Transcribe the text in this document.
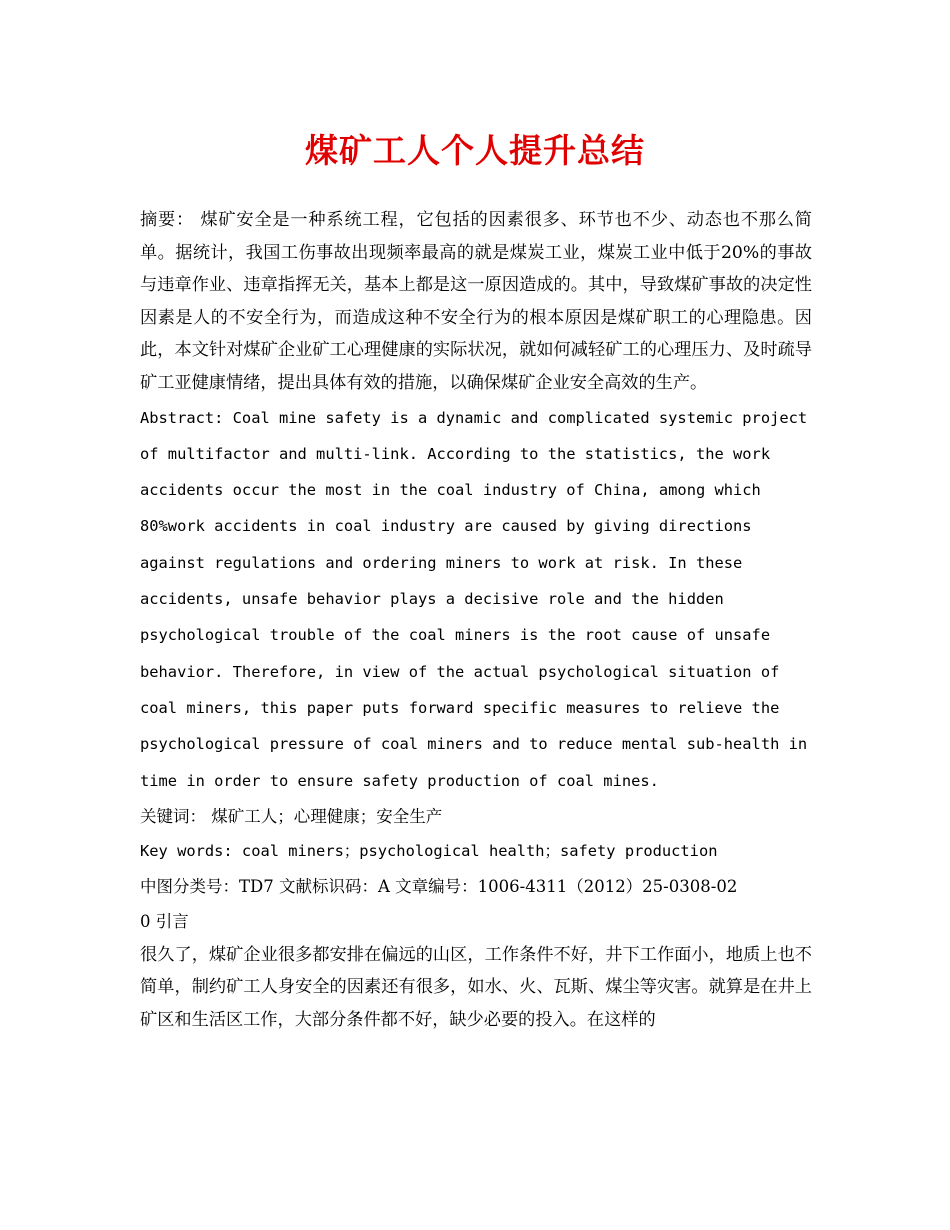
煤矿工人个人提升总结

摘要： 煤矿安全是一种系统工程，它包括的因素很多、环节也不少、动态也不那么简单。据统计，我国工伤事故出现频率最高的就是煤炭工业，煤炭工业中低于20%的事故与违章作业、违章指挥无关，基本上都是这一原因造成的。其中，导致煤矿事故的决定性因素是人的不安全行为，而造成这种不安全行为的根本原因是煤矿职工的心理隐患。因此，本文针对煤矿企业矿工心理健康的实际状况，就如何减轻矿工的心理压力、及时疏导矿工亚健康情绪，提出具体有效的措施，以确保煤矿企业安全高效的生产。

Abstract: Coal mine safety is a dynamic and complicated systemic project of multifactor and multi-link. According to the statistics, the work accidents occur the most in the coal industry of China, among which 80%work accidents in coal industry are caused by giving directions against regulations and ordering miners to work at risk. In these accidents, unsafe behavior plays a decisive role and the hidden psychological trouble of the coal miners is the root cause of unsafe behavior. Therefore, in view of the actual psychological situation of coal miners, this paper puts forward specific measures to relieve the psychological pressure of coal miners and to reduce mental sub-health in time in order to ensure safety production of coal mines.

关键词： 煤矿工人；心理健康；安全生产

Key words: coal miners；psychological health；safety production

中图分类号：TD7 文献标识码：A 文章编号：1006-4311（2012）25-0308-02

0 引言

很久了，煤矿企业很多都安排在偏远的山区，工作条件不好，井下工作面小，地质上也不简单，制约矿工人身安全的因素还有很多，如水、火、瓦斯、煤尘等灾害。就算是在井上矿区和生活区工作，大部分条件都不好，缺少必要的投入。在这样的
